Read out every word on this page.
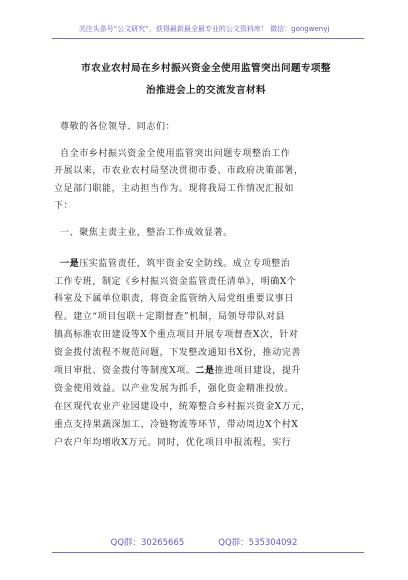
关注头条号“公文研究”，获得最新最全最专业的公文资料库！ 微信：gongwenyj
市农业农村局在乡村振兴资金全使用监管突出问题专项整
治推进会上的交流发言材料
尊敬的各位领导、同志们：
自全市乡村振兴资金全使用监管突出问题专项整治工作
开展以来，市农业农村局坚决贯彻市委、市政府决策部署，
立足部门职能，主动担当作为。现将我局工作情况汇报如
下：
一、聚焦主责主业，整治工作成效显著。
一是压实监管责任，筑牢资金安全防线。成立专项整治
工作专班，制定《乡村振兴资金监管责任清单》，明确X个
科室及下属单位职责，将资金监管纳入局党组重要议事日
程。建立“项目包联＋定期督查”机制，局领导带队对县
镇高标准农田建设等X个重点项目开展专项督查X次，针对
资金拨付流程不规范问题，下发整改通知书X份，推动完善
项目审批、资金拨付等制度X项。二是推进项目建设，提升
资金使用效益。以产业发展为抓手，强化资金精准投放。
在区现代农业产业园建设中，统筹整合乡村振兴资金X万元，
重点支持果蔬深加工、冷链物流等环节，带动周边X个村X
户农户年均增收X万元。同时，优化项目申报流程，实行
QQ群：30265665	QQ群：535304092
